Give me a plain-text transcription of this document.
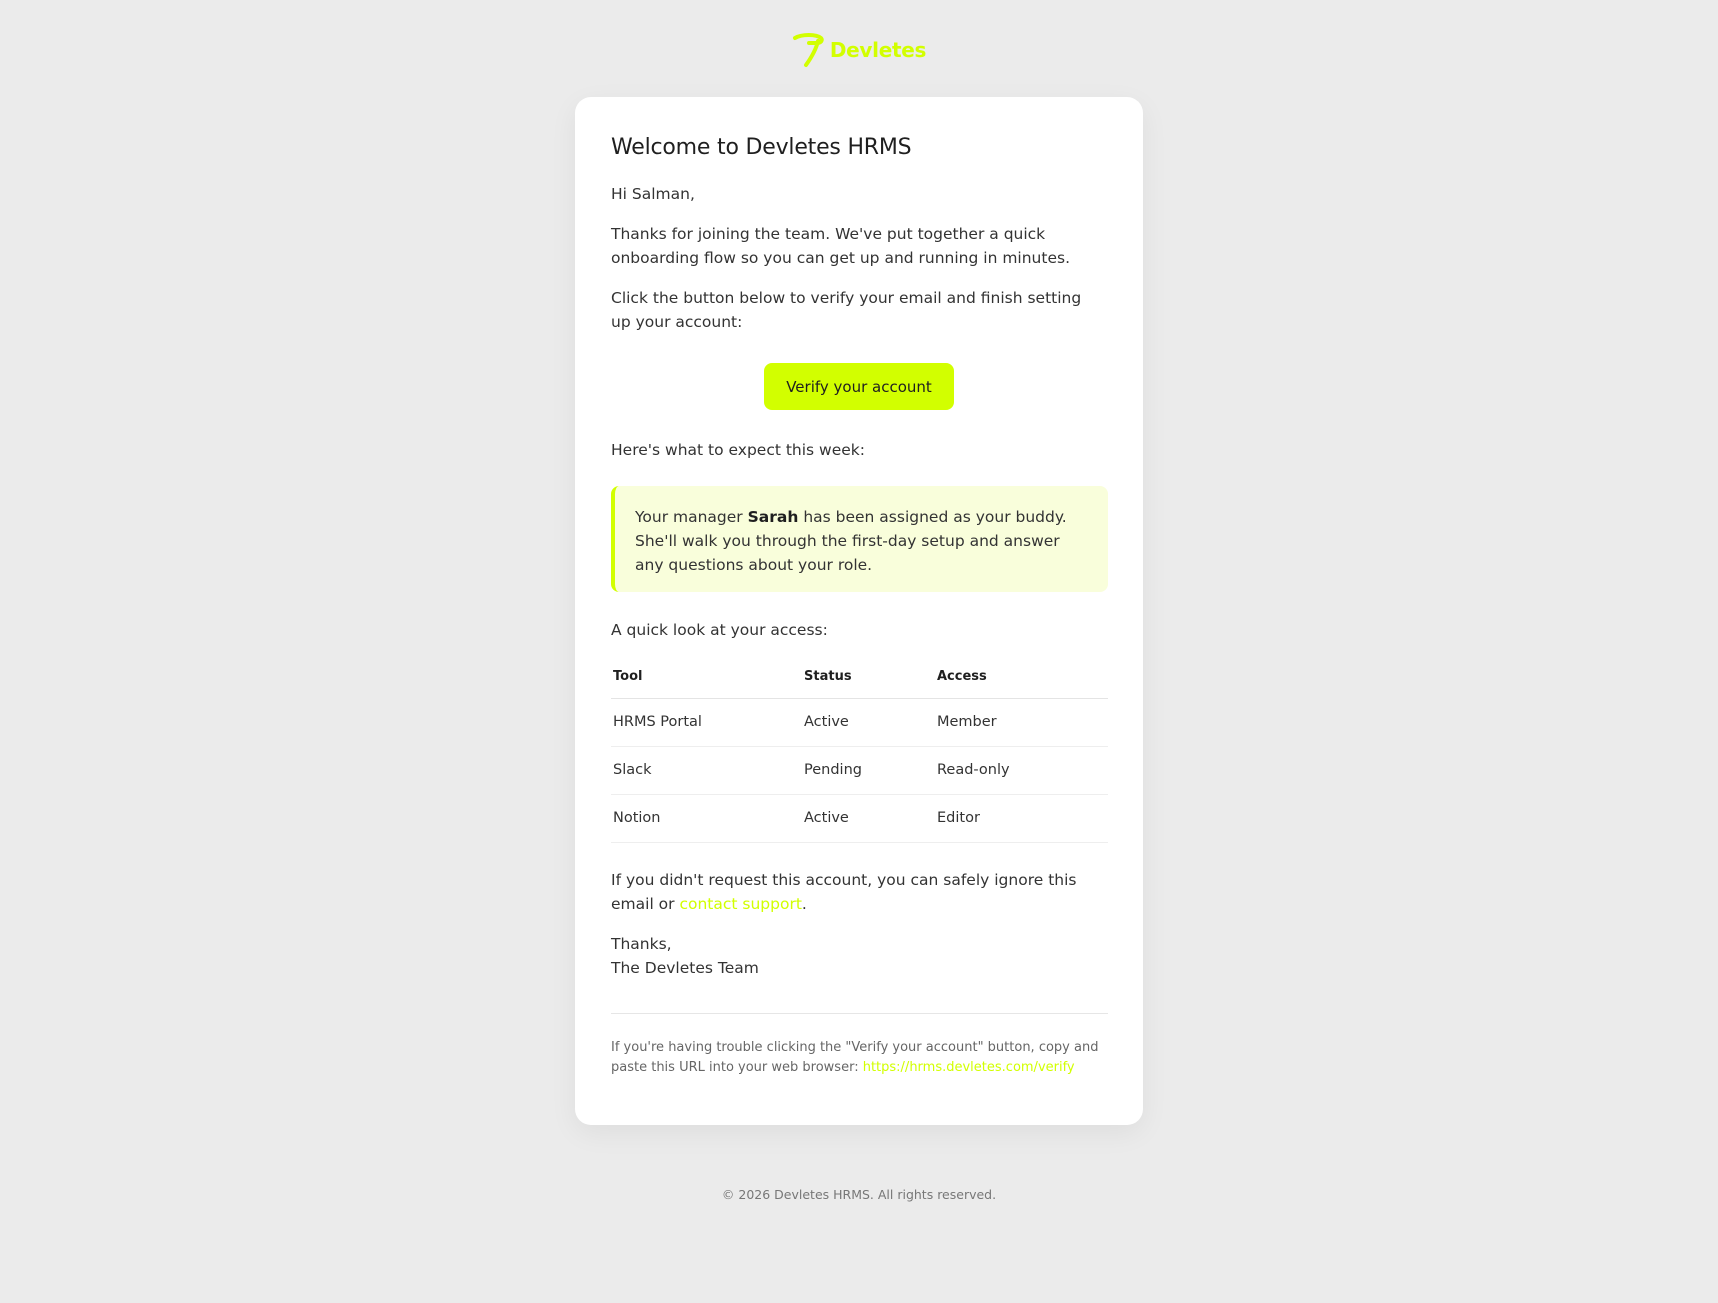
Devletes
Welcome to Devletes HRMS

Hi Salman,

Thanks for joining the team. We've put together a quick onboarding flow so you can get up and running in minutes.

Click the button below to verify your email and finish setting up your account:

Verify your account

Here's what to expect this week:

Your manager Sarah has been assigned as your buddy. She'll walk you through the first-day setup and answer any questions about your role.

A quick look at your access:

Tool	Status	Access
HRMS Portal	Active	Member
Slack	Pending	Read-only
Notion	Active	Editor

If you didn't request this account, you can safely ignore this email or contact support.

Thanks,
The Devletes Team

If you're having trouble clicking the "Verify your account" button, copy and paste this URL into your web browser: https://hrms.devletes.com/verify

© 2026 Devletes HRMS. All rights reserved.
